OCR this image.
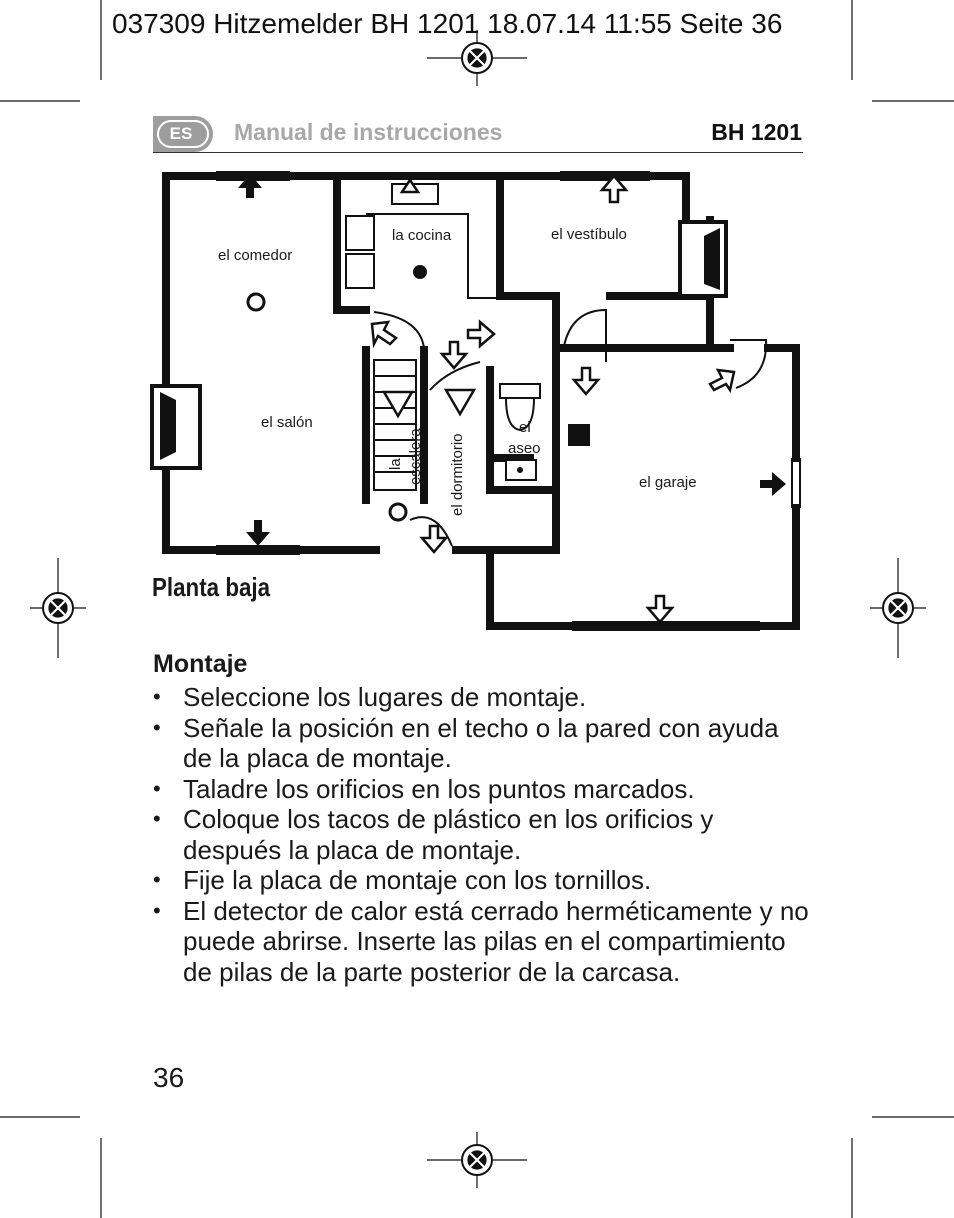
037309 Hitzemelder BH 1201 18.07.14 11:55 Seite 36
ES	Manual de instrucciones	BH 1201
el comedor
la cocina	el vestíbulo
el salón
el garaje
el
aseo
la escalera el dormitorio
Planta baja
Montaje
• Seleccione los lugares de montaje.
• Señale la posición en el techo o la pared con ayuda de la placa de montaje.
• Taladre los orificios en los puntos marcados.
• Coloque los tacos de plástico en los orificios y después la placa de montaje.
• Fije la placa de montaje con los tornillos.
• El detector de calor está cerrado herméticamente y no puede abrirse. Inserte las pilas en el compartimiento de pilas de la parte posterior de la carcasa.
36
